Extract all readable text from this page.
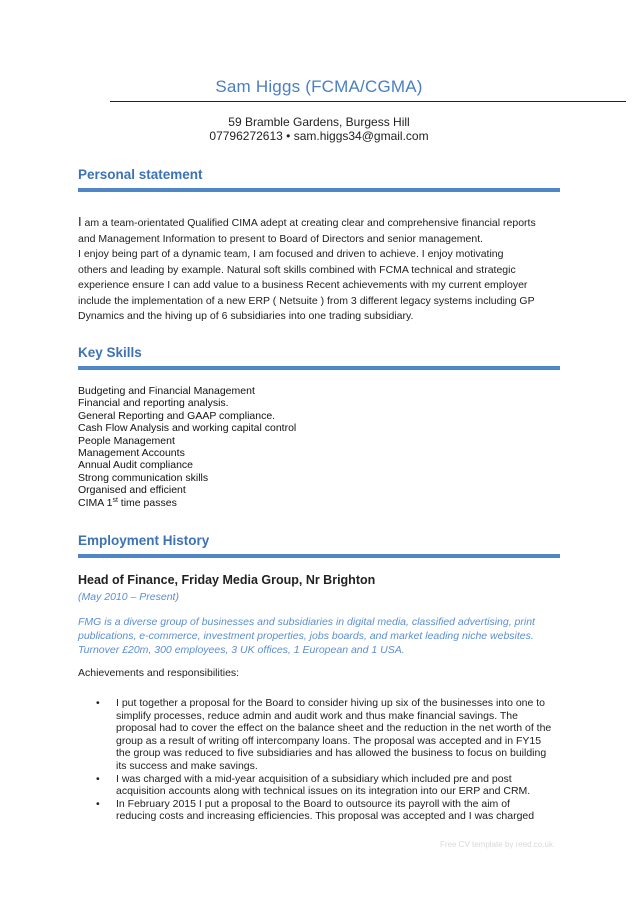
Sam Higgs (FCMA/CGMA)
59 Bramble Gardens, Burgess Hill
07796272613 • sam.higgs34@gmail.com
Personal statement
I am a team-orientated Qualified CIMA adept at creating clear and comprehensive financial reports
and Management Information to present to Board of Directors and senior management.
I enjoy being part of a dynamic team, I am focused and driven to achieve. I enjoy motivating
others and leading by example. Natural soft skills combined with FCMA technical and strategic
experience ensure I can add value to a business Recent achievements with my current employer
include the implementation of a new ERP ( Netsuite ) from 3 different legacy systems including GP
Dynamics and the hiving up of 6 subsidiaries into one trading subsidiary.
Key Skills
Budgeting and Financial Management
Financial and reporting analysis.
General Reporting and GAAP compliance.
Cash Flow Analysis and working capital control
People Management
Management Accounts
Annual Audit compliance
Strong communication skills
Organised and efficient
CIMA 1st time passes
Employment History
Head of Finance, Friday Media Group, Nr Brighton
(May 2010 – Present)
FMG is a diverse group of businesses and subsidiaries in digital media, classified advertising, print
publications, e-commerce, investment properties, jobs boards, and market leading niche websites.
Turnover £20m, 300 employees, 3 UK offices, 1 European and 1 USA.
Achievements and responsibilities:
• I put together a proposal for the Board to consider hiving up six of the businesses into one to
simplify processes, reduce admin and audit work and thus make financial savings. The
proposal had to cover the effect on the balance sheet and the reduction in the net worth of the
group as a result of writing off intercompany loans. The proposal was accepted and in FY15
the group was reduced to five subsidiaries and has allowed the business to focus on building
its success and make savings.
• I was charged with a mid-year acquisition of a subsidiary which included pre and post
acquisition accounts along with technical issues on its integration into our ERP and CRM.
• In February 2015 I put a proposal to the Board to outsource its payroll with the aim of
reducing costs and increasing efficiencies. This proposal was accepted and I was charged
Free CV template by reed.co.uk
